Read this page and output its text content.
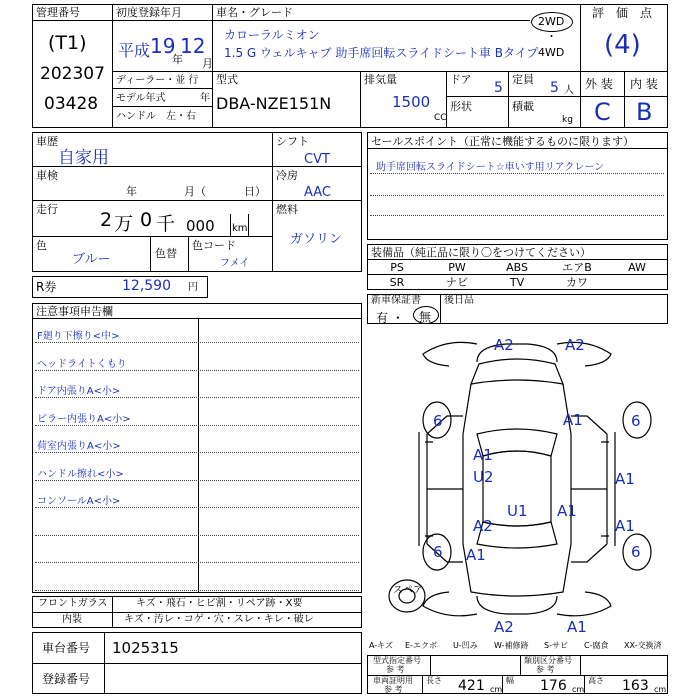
管理番号
(T1)
202307
03428
初度登録年月
平成 19
年
12
月
車名・グレード
カローラルミオン
1.5 G ウェルキャブ 助手席回転スライドシート車 Bタイプ
2WD
・
4WD
評　価　点
(4)
ディーラー・並 行
モデル年式	年
ハンドル　左・右
型式
DBA-NZE151N
排気量
1500
CC
ドア
5
定員
5 人
形状	積載
kg
外 装 内 装
C B
車歴
自家用
車検
年	月（	日）
走行 2 万 0 千 000 km
色
ブルー	色替
色コード
フメイ
シフト
CVT
冷房
AAC
燃料
ガソリン
R券	12,590 円
注意事項申告欄
F廻り下擦り<中>
ヘッドライトくもり
ドア内張りA<小>
ピラー内張りA<小>
荷室内張りA<小>
ハンドル擦れ<小>
コンソールA<小>
フロントガラス	キズ・飛石・ヒビ割・リペア跡・X要
内装	キズ・汚レ・コゲ・穴・スレ・キレ・破レ
車台番号 1025315
登録番号
セールスポイント（正常に機能するものに限ります）
助手席回転スライドシート☆車いす用リアクレーン
装備品（純正品に限り〇をつけてください）
PS	PW	ABS	エアB	AW
SR	ナビ	TV	カワ
新車保証書
有 ・ 無
後日品
スペア
A2	A2
6	6
A1
A1
A1
U2
A1
U1 A1
A2
6 A1	6
A2	A1
A-キズ E-エクボ U-凹み W-補修跡 S-サビ C-腐食 XX-交換済
型式指定番号
参 考
類別区分番号
参 考
車両証明用
参 考
長さ 421 cm
幅 176 cm
高さ 163 cm
